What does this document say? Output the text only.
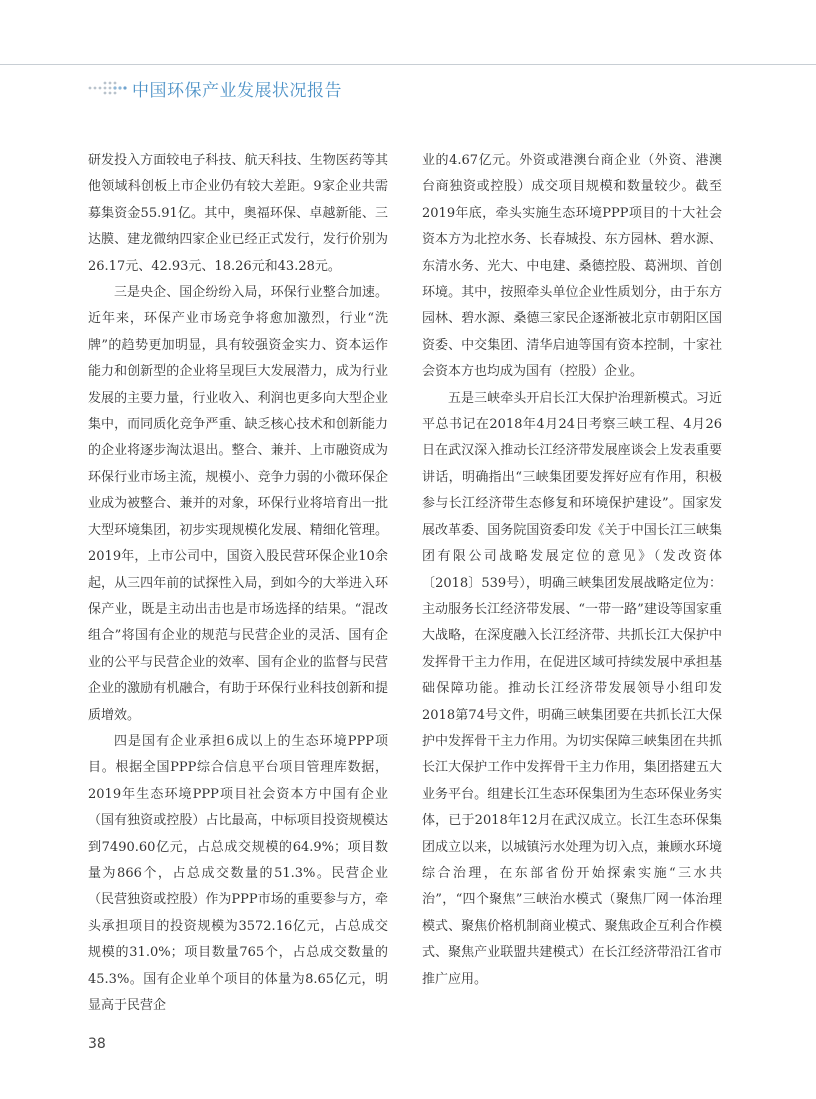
中国环保产业发展状况报告

研发投入方面较电子科技、航天科技、生物医药等其他领域科创板上市企业仍有较大差距。9家企业共需募集资金55.91亿。其中，奥福环保、卓越新能、三达膜、建龙微纳四家企业已经正式发行，发行价别为26.17元、42.93元、18.26元和43.28元。

三是央企、国企纷纷入局，环保行业整合加速。近年来，环保产业市场竞争将愈加激烈，行业“洗牌”的趋势更加明显，具有较强资金实力、资本运作能力和创新型的企业将呈现巨大发展潜力，成为行业发展的主要力量，行业收入、利润也更多向大型企业集中，而同质化竞争严重、缺乏核心技术和创新能力的企业将逐步淘汰退出。整合、兼并、上市融资成为环保行业市场主流，规模小、竞争力弱的小微环保企业成为被整合、兼并的对象，环保行业将培育出一批大型环境集团，初步实现规模化发展、精细化管理。2019年，上市公司中，国资入股民营环保企业10余起，从三四年前的试探性入局，到如今的大举进入环保产业，既是主动出击也是市场选择的结果。“混改组合”将国有企业的规范与民营企业的灵活、国有企业的公平与民营企业的效率、国有企业的监督与民营企业的激励有机融合，有助于环保行业科技创新和提质增效。

四是国有企业承担6成以上的生态环境PPP项目。根据全国PPP综合信息平台项目管理库数据，2019年生态环境PPP项目社会资本方中国有企业（国有独资或控股）占比最高，中标项目投资规模达到7490.60亿元，占总成交规模的64.9%；项目数量为866个，占总成交数量的51.3%。民营企业（民营独资或控股）作为PPP市场的重要参与方，牵头承担项目的投资规模为3572.16亿元，占总成交规模的31.0%；项目数量765个，占总成交数量的45.3%。国有企业单个项目的体量为8.65亿元，明显高于民营企

业的4.67亿元。外资或港澳台商企业（外资、港澳台商独资或控股）成交项目规模和数量较少。截至2019年底，牵头实施生态环境PPP项目的十大社会资本方为北控水务、长春城投、东方园林、碧水源、东清水务、光大、中电建、桑德控股、葛洲坝、首创环境。其中，按照牵头单位企业性质划分，由于东方园林、碧水源、桑德三家民企逐渐被北京市朝阳区国资委、中交集团、清华启迪等国有资本控制，十家社会资本方也均成为国有（控股）企业。

五是三峡牵头开启长江大保护治理新模式。习近平总书记在2018年4月24日考察三峡工程、4月26日在武汉深入推动长江经济带发展座谈会上发表重要讲话，明确指出“三峡集团要发挥好应有作用，积极参与长江经济带生态修复和环境保护建设”。国家发展改革委、国务院国资委印发《关于中国长江三峡集团有限公司战略发展定位的意见》（发改资体〔2018〕539号），明确三峡集团发展战略定位为：主动服务长江经济带发展、“一带一路”建设等国家重大战略，在深度融入长江经济带、共抓长江大保护中发挥骨干主力作用，在促进区域可持续发展中承担基础保障功能。推动长江经济带发展领导小组印发2018第74号文件，明确三峡集团要在共抓长江大保护中发挥骨干主力作用。为切实保障三峡集团在共抓长江大保护工作中发挥骨干主力作用，集团搭建五大业务平台。组建长江生态环保集团为生态环保业务实体，已于2018年12月在武汉成立。长江生态环保集团成立以来，以城镇污水处理为切入点，兼顾水环境综合治理，在东部省份开始探索实施“三水共治”，“四个聚焦”三峡治水模式（聚焦厂网一体治理模式、聚焦价格机制商业模式、聚焦政企互利合作模式、聚焦产业联盟共建模式）在长江经济带沿江省市推广应用。

38
